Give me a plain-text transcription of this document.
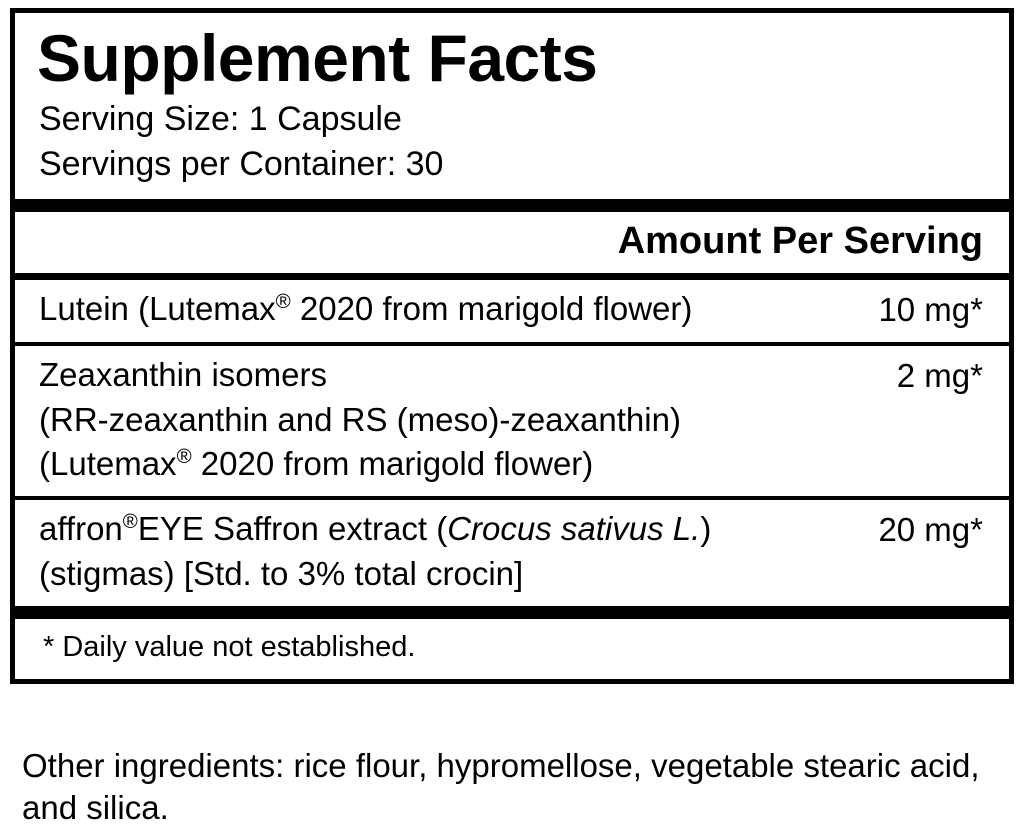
Supplement Facts
Serving Size: 1 Capsule
Servings per Container: 30
Amount Per Serving
Lutein (Lutemax® 2020 from marigold flower)	10 mg*
Zeaxanthin isomers
(RR-zeaxanthin and RS (meso)-zeaxanthin)
(Lutemax® 2020 from marigold flower)
2 mg*
affron®EYE Saffron extract (Crocus sativus L.)
(stigmas) [Std. to 3% total crocin]
20 mg*
* Daily value not established.
Other ingredients: rice flour, hypromellose, vegetable stearic acid, and silica.
